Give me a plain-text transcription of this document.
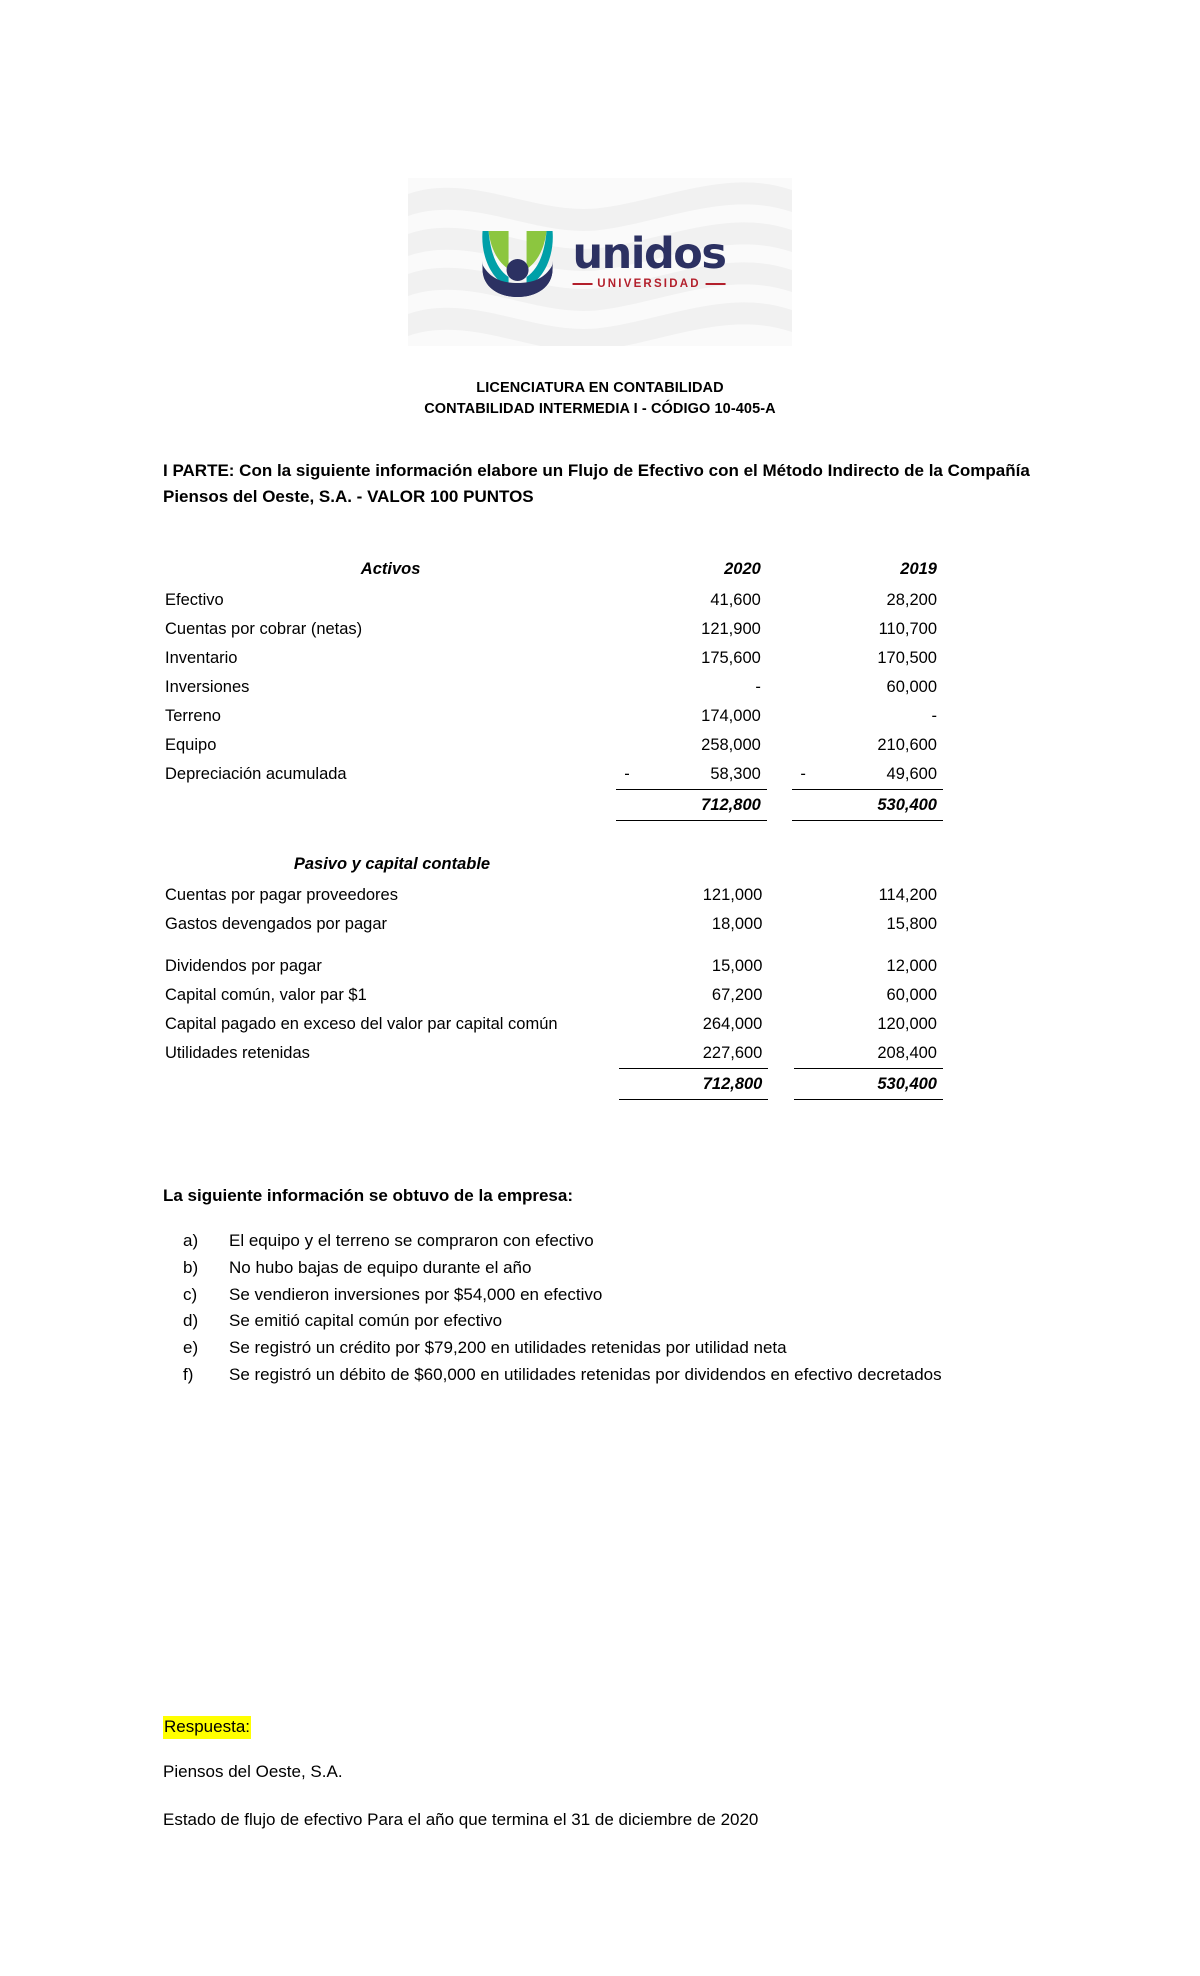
unidos
UNIVERSIDAD
LICENCIATURA EN CONTABILIDAD
CONTABILIDAD INTERMEDIA I - CÓDIGO 10-405-A
I PARTE: Con la siguiente información elabore un Flujo de Efectivo con el Método Indirecto de la Compañía Piensos del Oeste, S.A. - VALOR 100 PUNTOS
Activos		2020			2019
Efectivo		41,600			28,200
Cuentas por cobrar (netas)		121,900			110,700
Inventario		175,600			170,500
Inversiones		-			60,000
Terreno		174,000			-
Equipo		258,000			210,600
Depreciación acumulada	-	58,300		-	49,600
		712,800			530,400
Pasivo y capital contable					
Cuentas por pagar proveedores		121,000			114,200
Gastos devengados por pagar		18,000			15,800

Dividendos por pagar		15,000			12,000
Capital común, valor par $1		67,200			60,000
Capital pagado en exceso del valor par capital común		264,000			120,000
Utilidades retenidas		227,600			208,400
		712,800			530,400
La siguiente información se obtuvo de la empresa:
a)	El equipo y el terreno se compraron con efectivo
b)	No hubo bajas de equipo durante el año
c)	Se vendieron inversiones por $54,000 en efectivo
d)	Se emitió capital común por efectivo
e)	Se registró un crédito por $79,200 en utilidades retenidas por utilidad neta
f)	Se registró un débito de $60,000 en utilidades retenidas por dividendos en efectivo decretados
Respuesta:
Piensos del Oeste, S.A.
Estado de flujo de efectivo Para el año que termina el 31 de diciembre de 2020
